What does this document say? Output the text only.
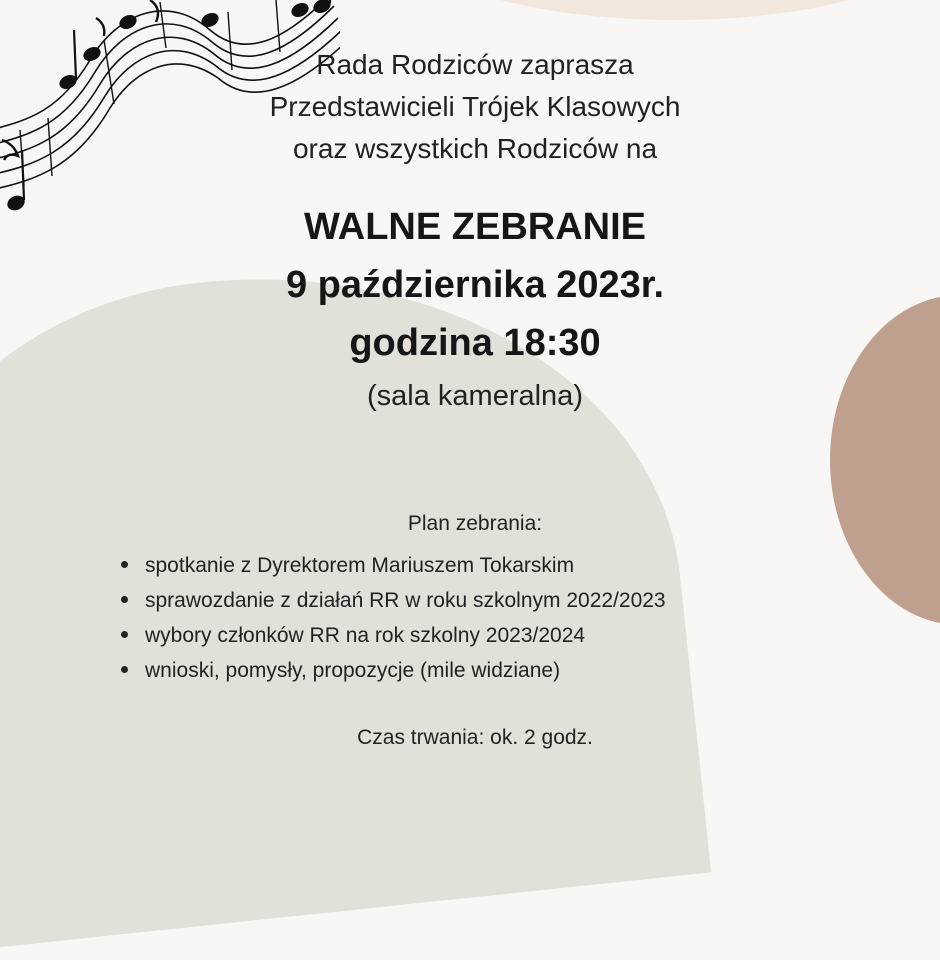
Rada Rodziców zaprasza
Przedstawicieli Trójek Klasowych
oraz wszystkich Rodziców na
WALNE ZEBRANIE
9 października 2023r.
godzina 18:30
(sala kameralna)
Plan zebrania:
spotkanie z Dyrektorem Mariuszem Tokarskim
sprawozdanie z działań RR w roku szkolnym 2022/2023
wybory członków RR na rok szkolny 2023/2024
wnioski, pomysły, propozycje (mile widziane)
Czas trwania: ok. 2 godz.
